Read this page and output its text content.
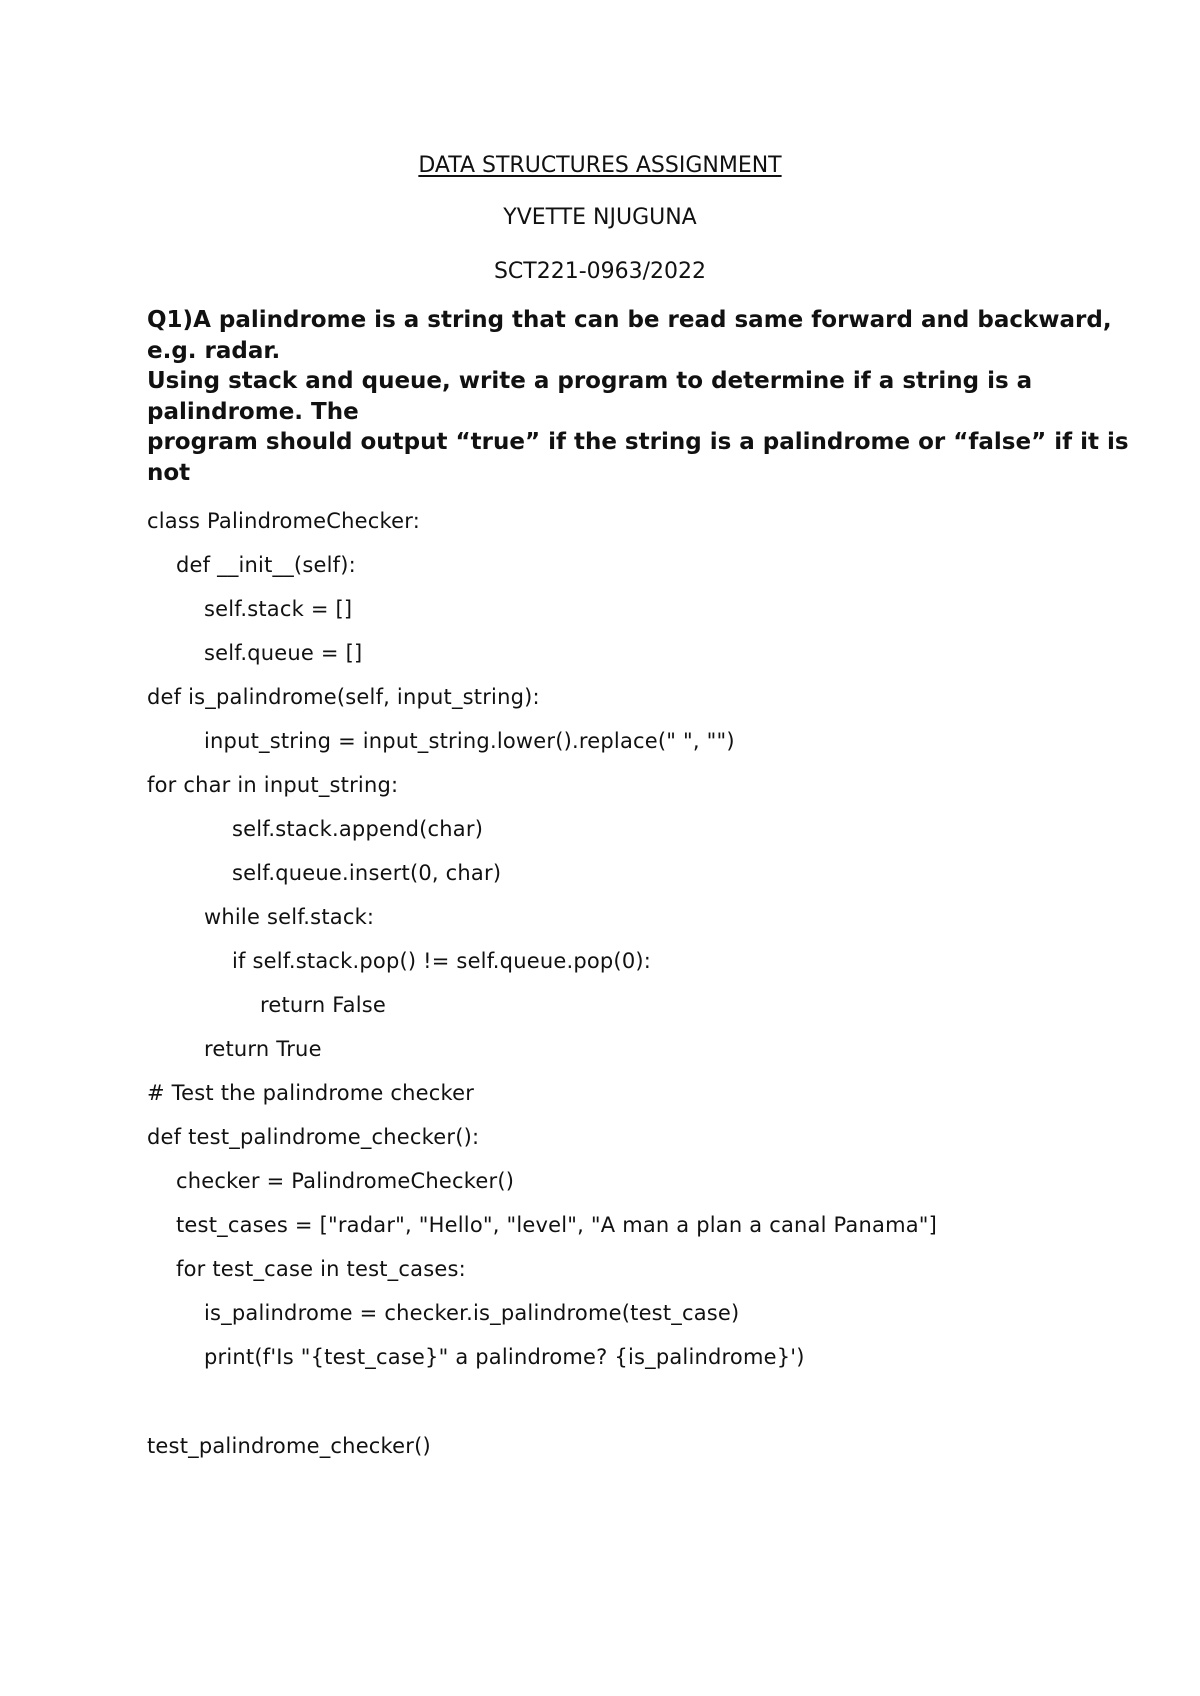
DATA STRUCTURES ASSIGNMENT
YVETTE NJUGUNA
SCT221-0963/2022
Q1)A palindrome is a string that can be read same forward and backward,
e.g. radar.
Using stack and queue, write a program to determine if a string is a
palindrome. The
program should output “true” if the string is a palindrome or “false” if it is
not
class PalindromeChecker:
def __init__(self):
self.stack = []
self.queue = []
def is_palindrome(self, input_string):
input_string = input_string.lower().replace(" ", "")
for char in input_string:
self.stack.append(char)
self.queue.insert(0, char)
while self.stack:
if self.stack.pop() != self.queue.pop(0):
return False
return True
# Test the palindrome checker
def test_palindrome_checker():
checker = PalindromeChecker()
test_cases = ["radar", "Hello", "level", "A man a plan a canal Panama"]
for test_case in test_cases:
is_palindrome = checker.is_palindrome(test_case)
print(f'Is "{test_case}" a palindrome? {is_palindrome}')
test_palindrome_checker()
